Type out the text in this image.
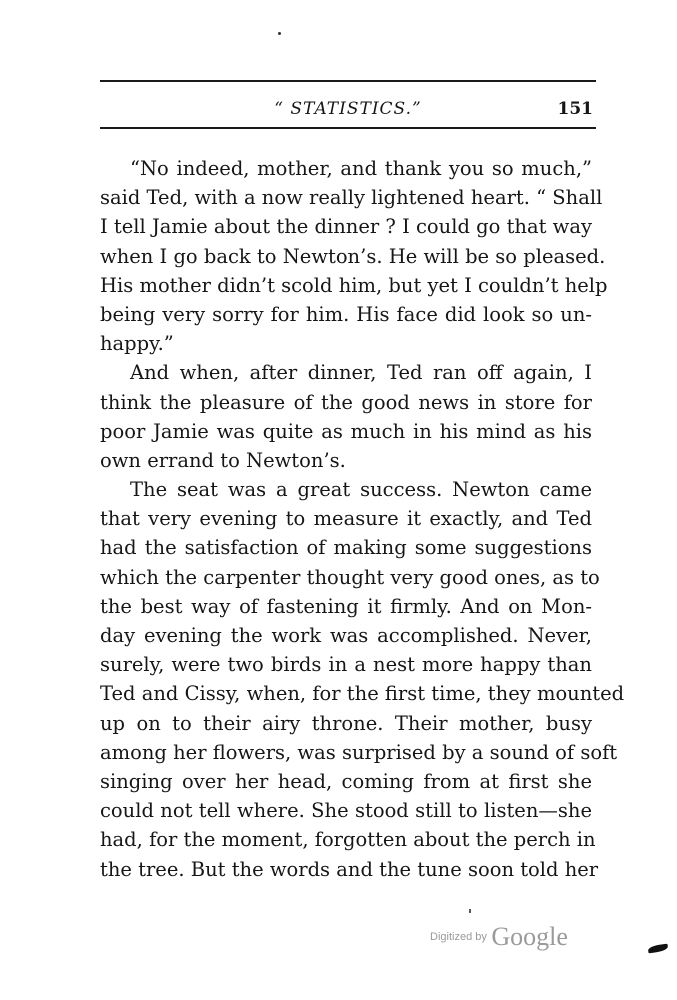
“ STATISTICS.”	151
“No indeed, mother, and thank you so much,”
said Ted, with a now really lightened heart. “ Shall
I tell Jamie about the dinner ? I could go that way
when I go back to Newton’s. He will be so pleased.
His mother didn’t scold him, but yet I couldn’t help
being very sorry for him. His face did look so un-
happy.”
And when, after dinner, Ted ran off again, I
think the pleasure of the good news in store for
poor Jamie was quite as much in his mind as his
own errand to Newton’s.
The seat was a great success. Newton came
that very evening to measure it exactly, and Ted
had the satisfaction of making some suggestions
which the carpenter thought very good ones, as to
the best way of fastening it firmly. And on Mon-
day evening the work was accomplished. Never,
surely, were two birds in a nest more happy than
Ted and Cissy, when, for the first time, they mounted
up on to their airy throne. Their mother, busy
among her flowers, was surprised by a sound of soft
singing over her head, coming from at first she
could not tell where. She stood still to listen—she
had, for the moment, forgotten about the perch in
the tree. But the words and the tune soon told her
Digitized by Google
